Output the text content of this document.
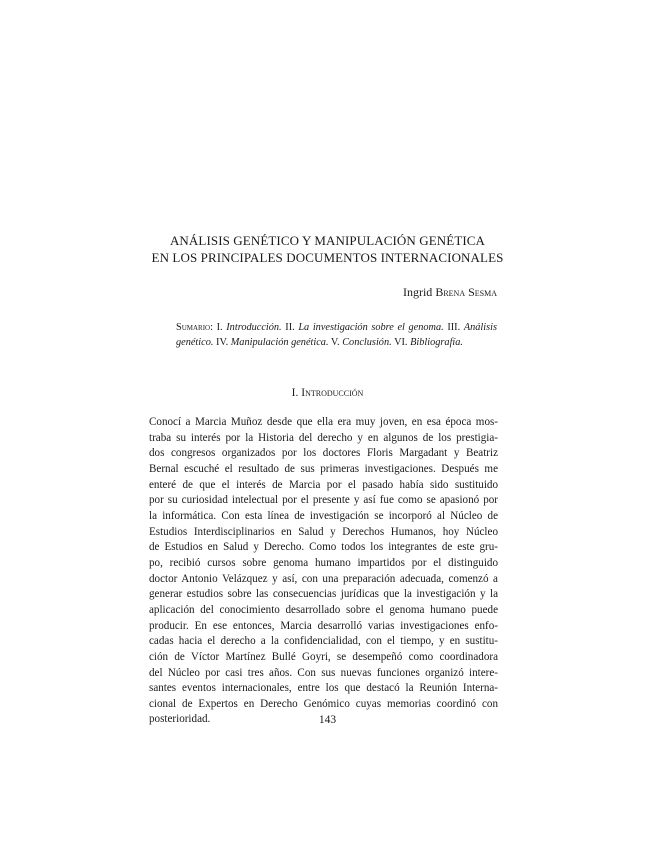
ANÁLISIS GENÉTICO Y MANIPULACIÓN GENÉTICA
EN LOS PRINCIPALES DOCUMENTOS INTERNACIONALES
Ingrid Brena Sesma
Sumario: I. Introducción. II. La investigación sobre el genoma. III. Análisis genético. IV. Manipulación genética. V. Conclusión. VI. Bibliografía.
I. Introducción
Conocí a Marcia Muñoz desde que ella era muy joven, en esa época mos-
traba su interés por la Historia del derecho y en algunos de los prestigia-
dos congresos organizados por los doctores Floris Margadant y Beatriz
Bernal escuché el resultado de sus primeras investigaciones. Después me
enteré de que el interés de Marcia por el pasado había sido sustituido
por su curiosidad intelectual por el presente y así fue como se apasionó por
la informática. Con esta línea de investigación se incorporó al Núcleo de
Estudios Interdisciplinarios en Salud y Derechos Humanos, hoy Núcleo
de Estudios en Salud y Derecho. Como todos los integrantes de este gru-
po, recibió cursos sobre genoma humano impartidos por el distinguido
doctor Antonio Velázquez y así, con una preparación adecuada, comenzó a
generar estudios sobre las consecuencias jurídicas que la investigación y la
aplicación del conocimiento desarrollado sobre el genoma humano puede
producir. En ese entonces, Marcia desarrolló varias investigaciones enfo-
cadas hacia el derecho a la confidencialidad, con el tiempo, y en sustitu-
ción de Víctor Martínez Bullé Goyri, se desempeñó como coordinadora
del Núcleo por casi tres años. Con sus nuevas funciones organizó intere-
santes eventos internacionales, entre los que destacó la Reunión Interna-
cional de Expertos en Derecho Genómico cuyas memorias coordinó con
posterioridad.	143
